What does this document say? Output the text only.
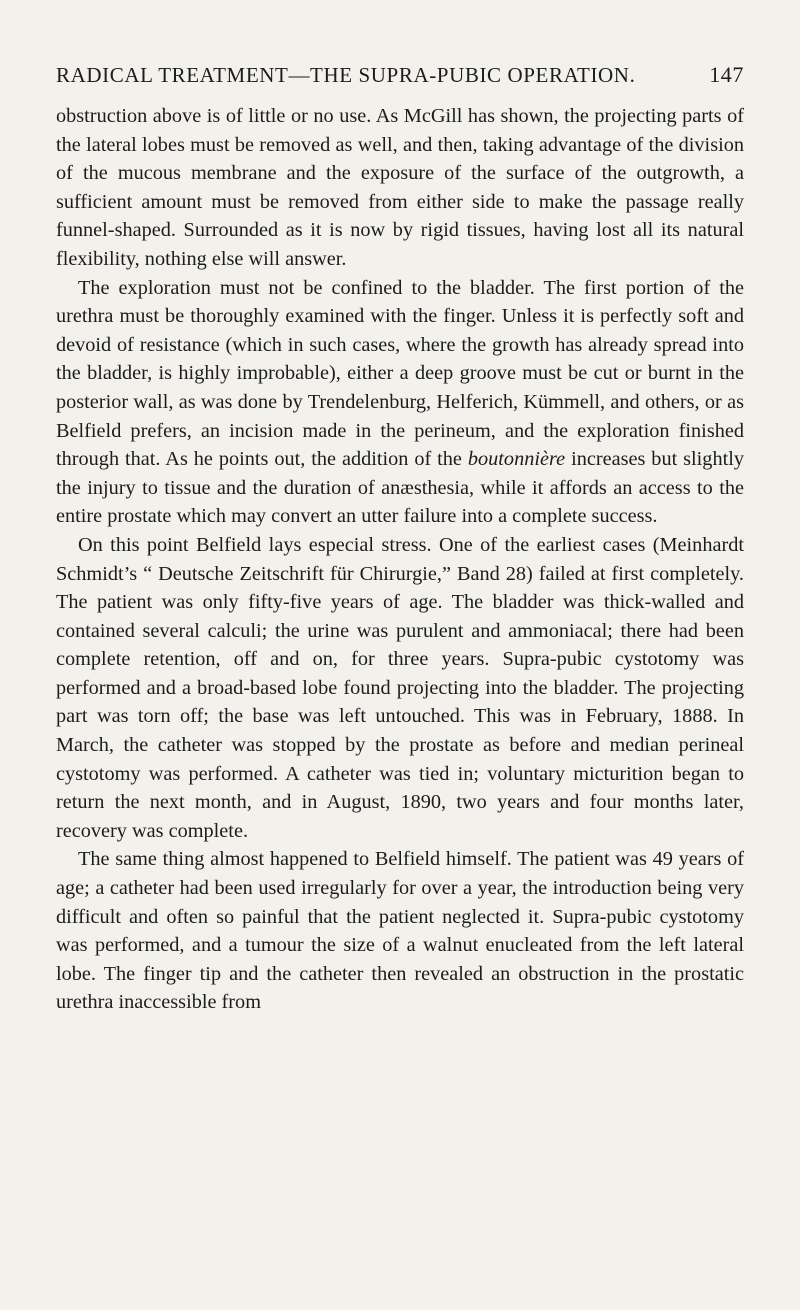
RADICAL TREATMENT—THE SUPRA-PUBIC OPERATION.	147

obstruction above is of little or no use. As McGill has shown, the projecting parts of the lateral lobes must be removed as well, and then, taking advantage of the division of the mucous membrane and the exposure of the surface of the outgrowth, a sufficient amount must be removed from either side to make the passage really funnel-shaped. Surrounded as it is now by rigid tissues, having lost all its natural flexibility, nothing else will answer.

The exploration must not be confined to the bladder. The first portion of the urethra must be thoroughly examined with the finger. Unless it is perfectly soft and devoid of resistance (which in such cases, where the growth has already spread into the bladder, is highly improbable), either a deep groove must be cut or burnt in the posterior wall, as was done by Trendelenburg, Helferich, Kümmell, and others, or as Belfield prefers, an incision made in the perineum, and the exploration finished through that. As he points out, the addition of the boutonnière increases but slightly the injury to tissue and the duration of anæsthesia, while it affords an access to the entire prostate which may convert an utter failure into a complete success.

On this point Belfield lays especial stress. One of the earliest cases (Meinhardt Schmidt’s “ Deutsche Zeitschrift für Chirurgie,” Band 28) failed at first completely. The patient was only fifty-five years of age. The bladder was thick-walled and contained several calculi; the urine was purulent and ammoniacal; there had been complete retention, off and on, for three years. Supra-pubic cystotomy was performed and a broad-based lobe found projecting into the bladder. The projecting part was torn off; the base was left untouched. This was in February, 1888. In March, the catheter was stopped by the prostate as before and median perineal cystotomy was performed. A catheter was tied in; voluntary micturition began to return the next month, and in August, 1890, two years and four months later, recovery was complete.

The same thing almost happened to Belfield himself. The patient was 49 years of age; a catheter had been used irregularly for over a year, the introduction being very difficult and often so painful that the patient neglected it. Supra-pubic cystotomy was performed, and a tumour the size of a walnut enucleated from the left lateral lobe. The finger tip and the catheter then revealed an obstruction in the prostatic urethra inaccessible from
